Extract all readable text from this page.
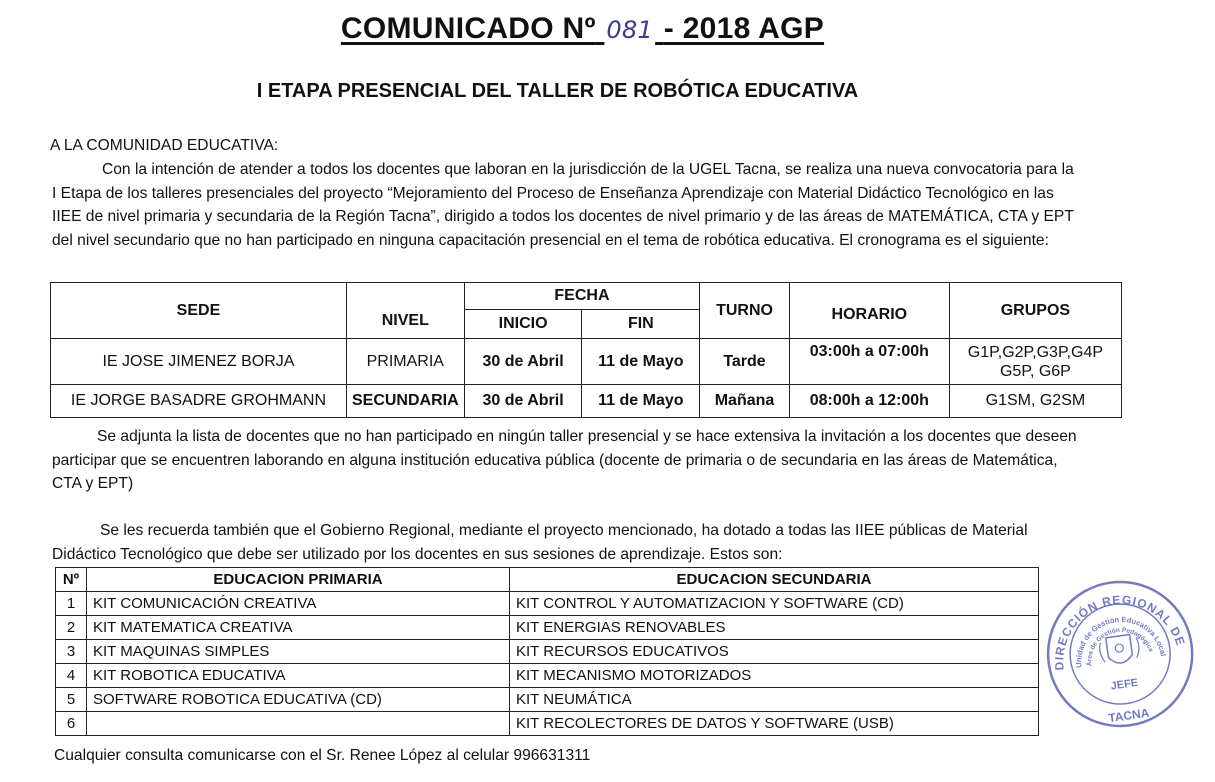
COMUNICADO Nº 081 - 2018 AGP
I ETAPA PRESENCIAL DEL TALLER DE ROBÓTICA EDUCATIVA

A LA COMUNIDAD EDUCATIVA:

Con la intención de atender a todos los docentes que laboran en la jurisdicción de la UGEL Tacna, se realiza una nueva convocatoria para la I Etapa de los talleres presenciales del proyecto “Mejoramiento del Proceso de Enseñanza Aprendizaje con Material Didáctico Tecnológico en las IIEE de nivel primaria y secundaria de la Región Tacna”, dirigido a todos los docentes de nivel primario y de las áreas de MATEMÁTICA, CTA y EPT del nivel secundario que no han participado en ninguna capacitación presencial en el tema de robótica educativa. El cronograma es el siguiente:

SEDE	NIVEL	FECHA		TURNO	HORARIO	GRUPOS
		INICIO	FIN			
IE JOSE JIMENEZ BORJA	PRIMARIA	30 de Abril	11 de Mayo	Tarde	03:00h a 07:00h	G1P,G2P,G3P,G4P
G5P, G6P

IE JORGE BASADRE GROHMANN	SECUNDARIA	30 de Abril	11 de Mayo	Mañana	08:00h a 12:00h	G1SM, G2SM

Se adjunta la lista de docentes que no han participado en ningún taller presencial y se hace extensiva la invitación a los docentes que deseen participar que se encuentren laborando en alguna institución educativa pública (docente de primaria o de secundaria en las áreas de Matemática, CTA y EPT)

Se les recuerda también que el Gobierno Regional, mediante el proyecto mencionado, ha dotado a todas las IIEE públicas de Material Didáctico Tecnológico que debe ser utilizado por los docentes en sus sesiones de aprendizaje. Estos son:

Nº	EDUCACION PRIMARIA	EDUCACION SECUNDARIA
1	KIT COMUNICACIÓN CREATIVA	KIT CONTROL Y AUTOMATIZACION Y SOFTWARE (CD)
2	KIT MATEMATICA CREATIVA	KIT ENERGIAS RENOVABLES
3	KIT MAQUINAS SIMPLES	KIT RECURSOS EDUCATIVOS
4	KIT ROBOTICA EDUCATIVA	KIT MECANISMO MOTORIZADOS
5	SOFTWARE ROBOTICA EDUCATIVA (CD)	KIT NEUMÁTICA
6		KIT RECOLECTORES DE DATOS Y SOFTWARE (USB)

Cualquier consulta comunicarse con el Sr. Renee López al celular 996631311

DIRECCIÓN REGIONAL DE
Unidad de Gestión Educativa Local
Área de Gestión Pedagógica
JEFE
TACNA
